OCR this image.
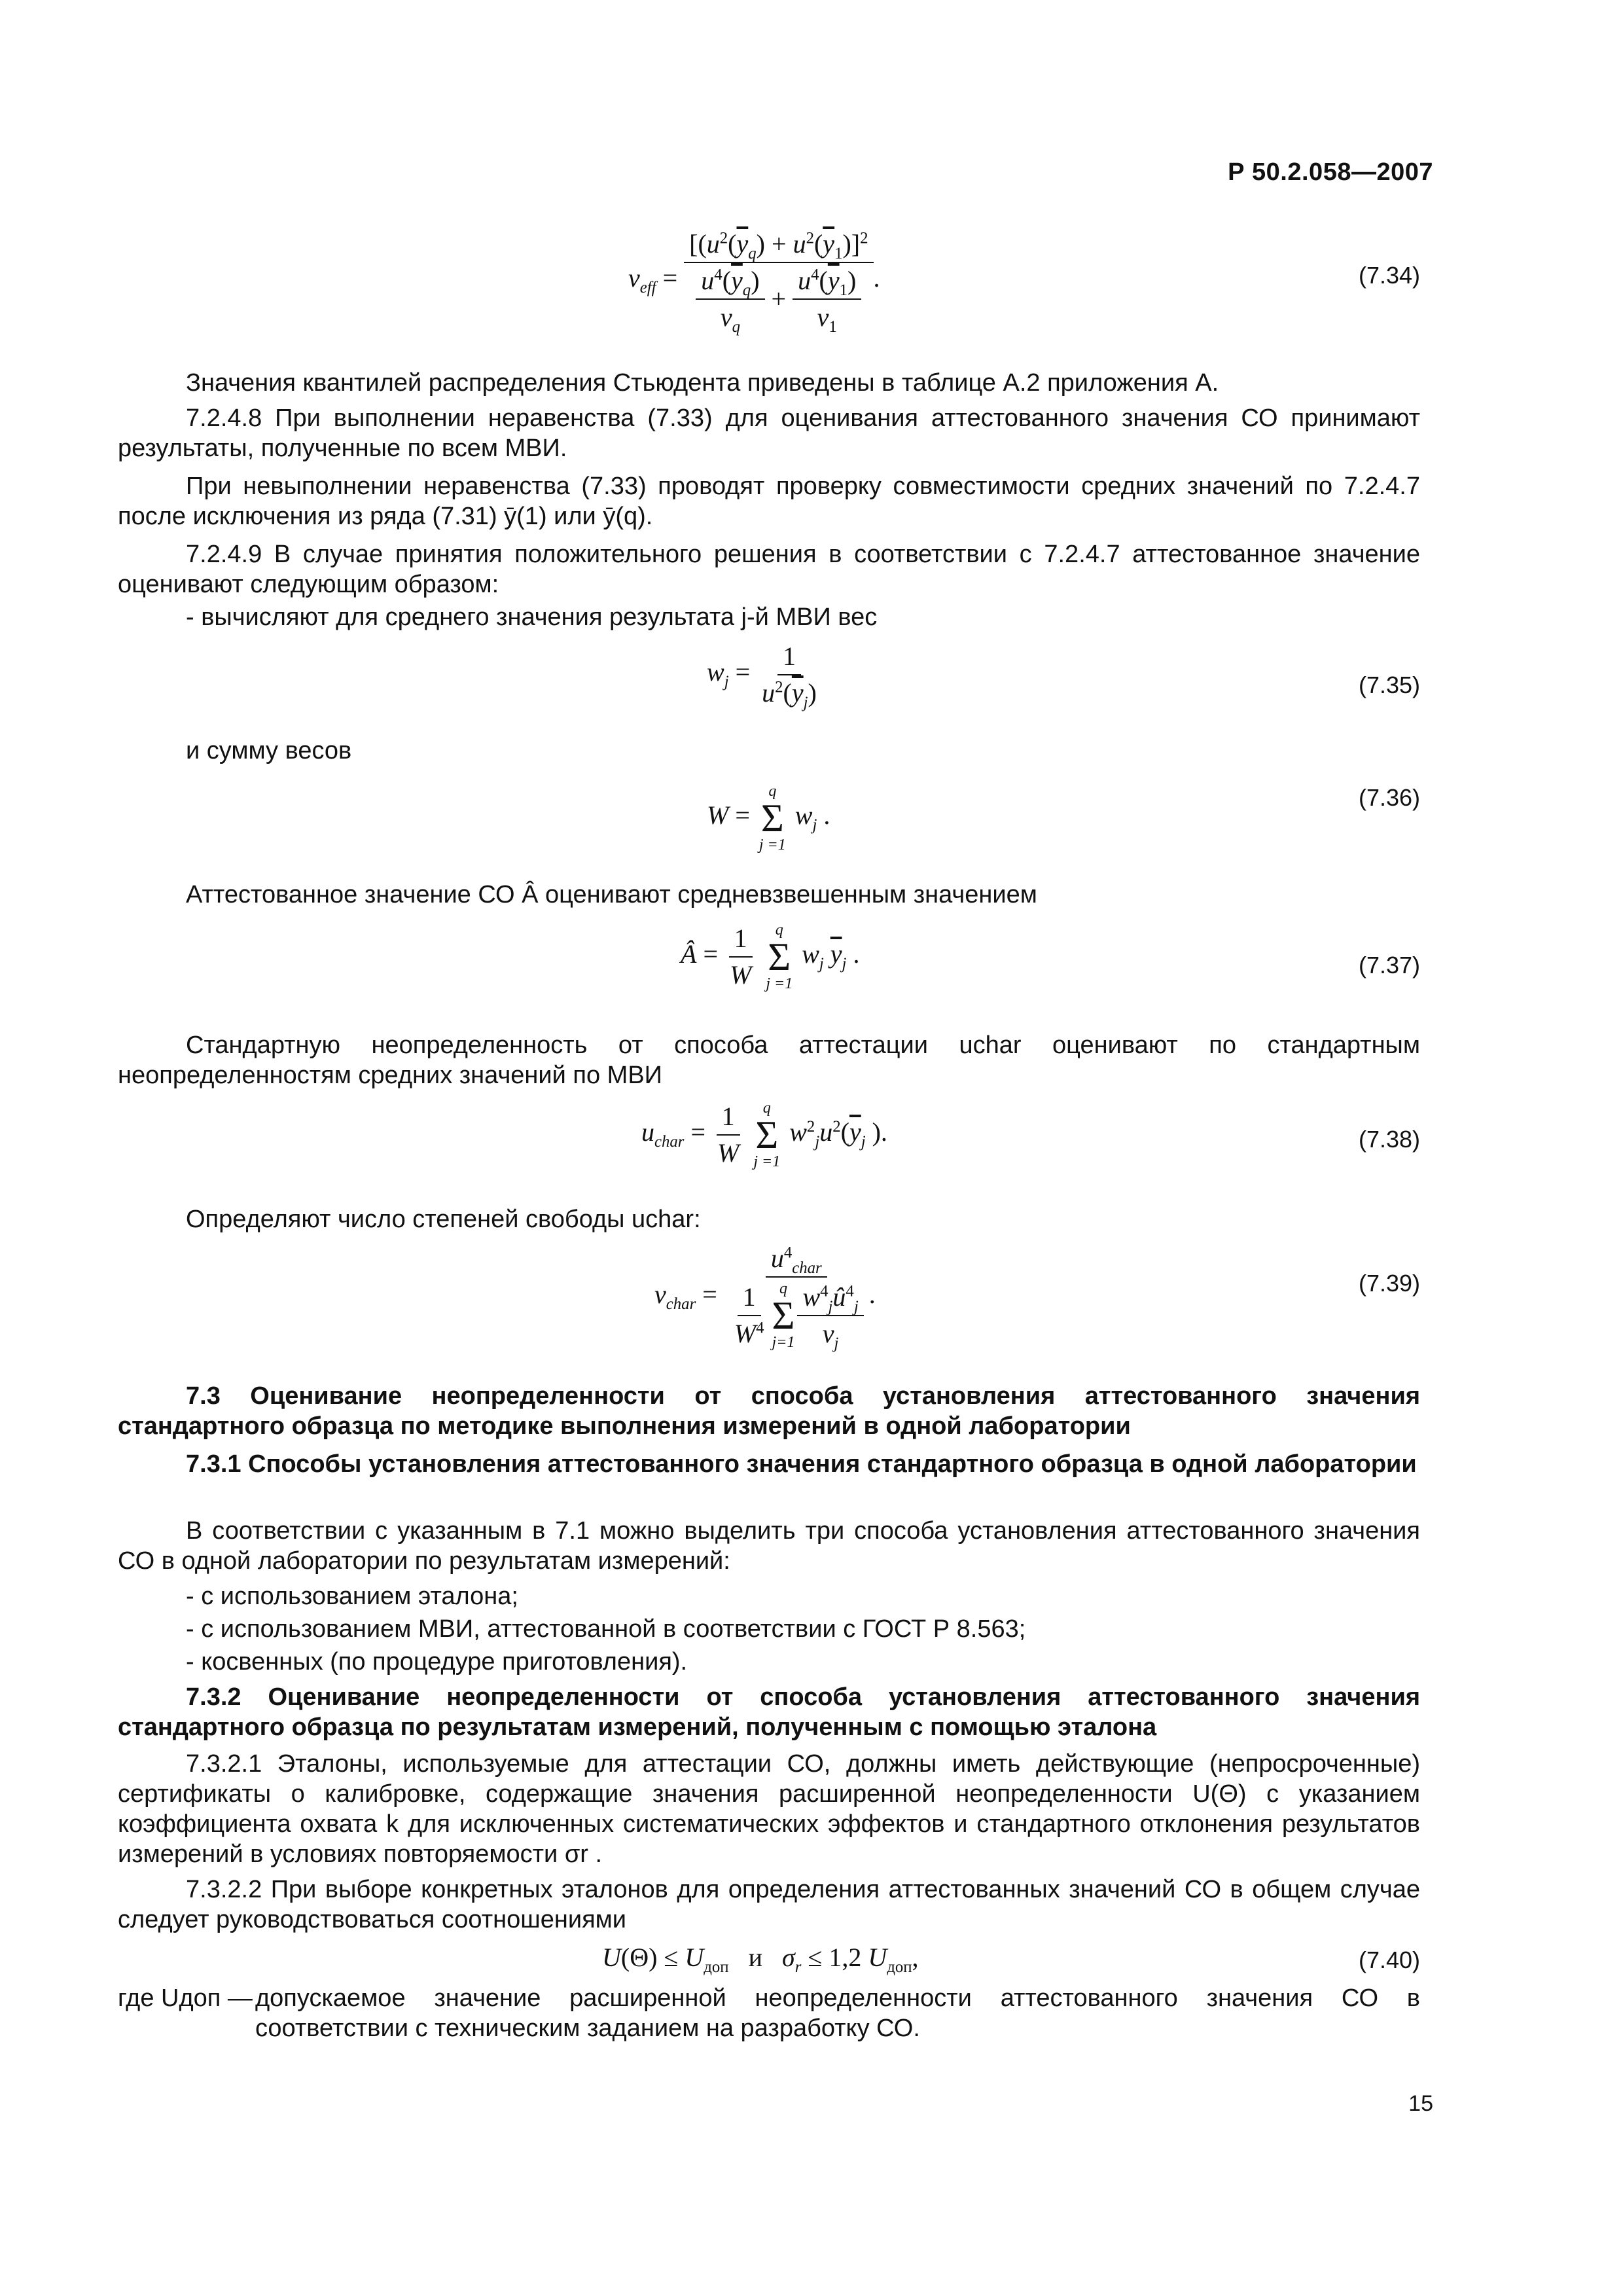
Р 50.2.058—2007
$\nu_{eff} = \frac{[(u^2(\overline{y}_q) + u^2(\overline{y}_1)]^2}{\frac{u^4(\overline{y}_q)}{\nu_q} + \frac{u^4(\overline{y}_1)}{\nu_1}}$ .	(7.34)
Значения квантилей распределения Стьюдента приведены в таблице А.2 приложения А.
7.2.4.8 При выполнении неравенства (7.33) для оценивания аттестованного значения СО принимают результаты, полученные по всем МВИ.
При невыполнении неравенства (7.33) проводят проверку совместимости средних значений по 7.2.4.7 после исключения из ряда (7.31) ȳ(1) или ȳ(q).
7.2.4.9 В случае принятия положительного решения в соответствии с 7.2.4.7 аттестованное значение оценивают следующим образом:
- вычисляют для среднего значения результата j-й МВИ вес
$w_j = \frac{1}{u^2(\overline{y}_j)}$	(7.35)
и сумму весов
W =
q
Σ
j =1
$w_j$ .
(7.36)
Аттестованное значение СО Â оценивают средневзвешенным значением
Â = $\frac{1}{W}$
q
Σ
j =1
$w_j$ $\overline{y}_j$ .	(7.37)
Стандартную неопределенность от способа аттестации uchar оценивают по стандартным неопределенностям средних значений по МВИ
$u_{char} = \frac{1}{W}$
q
Σ
j =1
$w^2_ju^2(\overline{y}_j$ ).	(7.38)
Определяют число степеней свободы uchar:
$\nu_{char} = u^4_{char}$
$\frac{1}{W^4}$ q
Σ
$j=1 \frac{w^4_jû^4_j}{\nu_j}$ .	(7.39)
7.3 Оценивание неопределенности от способа установления аттестованного значения стандартного образца по методике выполнения измерений в одной лаборатории
7.3.1 Способы установления аттестованного значения стандартного образца в одной лаборатории
В соответствии с указанным в 7.1 можно выделить три способа установления аттестованного значения СО в одной лаборатории по результатам измерений:
- с использованием эталона;
- с использованием МВИ, аттестованной в соответствии с ГОСТ Р 8.563;
- косвенных (по процедуре приготовления).
7.3.2 Оценивание неопределенности от способа установления аттестованного значения стандартного образца по результатам измерений, полученным с помощью эталона
7.3.2.1 Эталоны, используемые для аттестации СО, должны иметь действующие (непросроченные) сертификаты о калибровке, содержащие значения расширенной неопределенности U(Θ) с указанием коэффициента охвата k для исключенных систематических эффектов и стандартного отклонения результатов измерений в условиях повторяемости σr .
7.3.2.2 При выборе конкретных эталонов для определения аттестованных значений СО в общем случае следует руководствоваться соотношениями
$U(\Theta) \le U_{доп}$   и   $\sigma_r \le 1,2$ $U_{доп}$,	(7.40)
где Uдоп — допускаемое значение расширенной неопределенности аттестованного значения СО в соответствии с техническим заданием на разработку СО.
15
